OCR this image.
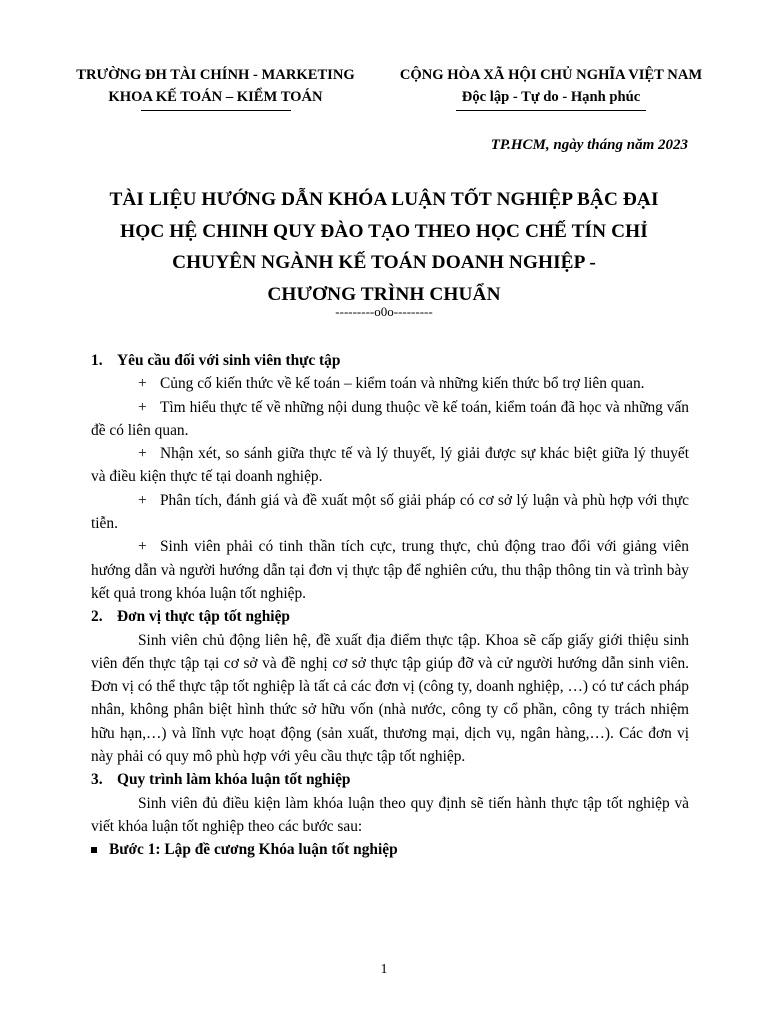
TRƯỜNG ĐH TÀI CHÍNH - MARKETING
KHOA KẾ TOÁN – KIỂM TOÁN
CỘNG HÒA XÃ HỘI CHỦ NGHĨA VIỆT NAM
Độc lập - Tự do - Hạnh phúc
TP.HCM, ngày tháng năm 2023
TÀI LIỆU HƯỚNG DẪN KHÓA LUẬN TỐT NGHIỆP BẬC ĐẠI
HỌC HỆ CHINH QUY ĐÀO TẠO THEO HỌC CHẾ TÍN CHỈ
CHUYÊN NGÀNH KẾ TOÁN DOANH NGHIỆP -
CHƯƠNG TRÌNH CHUẨN
---------o0o---------

1. Yêu cầu đối với sinh viên thực tập

+ Củng cố kiến thức về kế toán – kiểm toán và những kiến thức bổ trợ liên quan.

+ Tìm hiểu thực tế về những nội dung thuộc về kế toán, kiểm toán đã học và những vấn đề có liên quan.

+ Nhận xét, so sánh giữa thực tế và lý thuyết, lý giải được sự khác biệt giữa lý thuyết và điều kiện thực tế tại doanh nghiệp.

+ Phân tích, đánh giá và đề xuất một số giải pháp có cơ sở lý luận và phù hợp với thực tiễn.

+ Sinh viên phải có tinh thần tích cực, trung thực, chủ động trao đổi với giảng viên hướng dẫn và người hướng dẫn tại đơn vị thực tập để nghiên cứu, thu thập thông tin và trình bày kết quả trong khóa luận tốt nghiệp.

2. Đơn vị thực tập tốt nghiệp

Sinh viên chủ động liên hệ, đề xuất địa điểm thực tập. Khoa sẽ cấp giấy giới thiệu sinh viên đến thực tập tại cơ sở và đề nghị cơ sở thực tập giúp đỡ và cử người hướng dẫn sinh viên. Đơn vị có thể thực tập tốt nghiệp là tất cả các đơn vị (công ty, doanh nghiệp, …) có tư cách pháp nhân, không phân biệt hình thức sở hữu vốn (nhà nước, công ty cổ phần, công ty trách nhiệm hữu hạn,…) và lĩnh vực hoạt động (sản xuất, thương mại, dịch vụ, ngân hàng,…). Các đơn vị này phải có quy mô phù hợp với yêu cầu thực tập tốt nghiệp.

3. Quy trình làm khóa luận tốt nghiệp

Sinh viên đủ điều kiện làm khóa luận theo quy định sẽ tiến hành thực tập tốt nghiệp và viết khóa luận tốt nghiệp theo các bước sau:

Bước 1: Lập đề cương Khóa luận tốt nghiệp

1
